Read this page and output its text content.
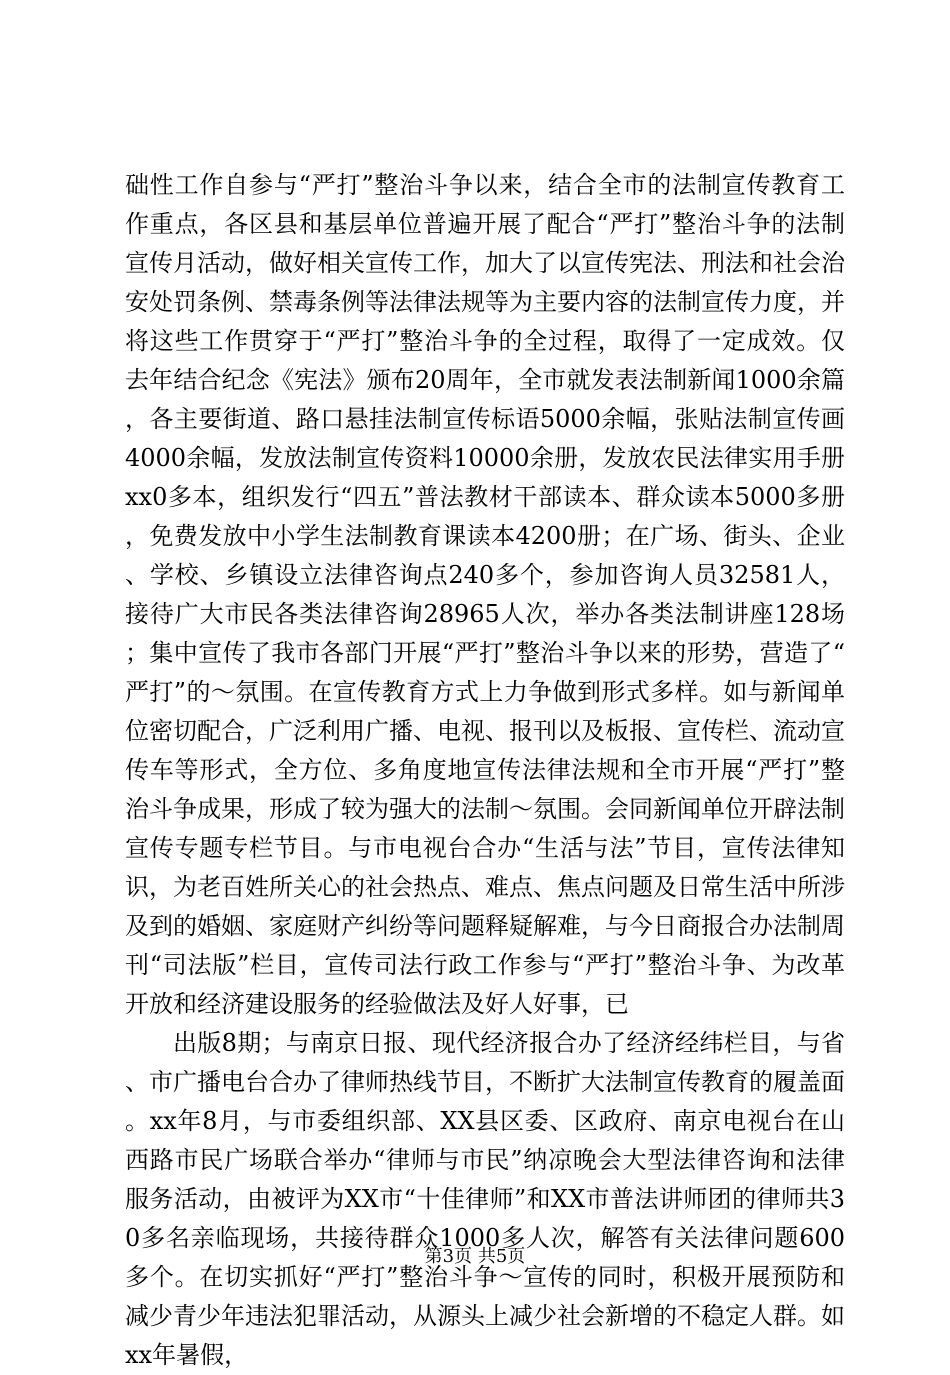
础性工作自参与“严打”整治斗争以来，结合全市的法制宣传教育工作重点，各区县和基层单位普遍开展了配合“严打”整治斗争的法制宣传月活动，做好相关宣传工作，加大了以宣传宪法、刑法和社会治安处罚条例、禁毒条例等法律法规等为主要内容的法制宣传力度，并将这些工作贯穿于“严打”整治斗争的全过程，取得了一定成效。仅去年结合纪念《宪法》颁布20周年，全市就发表法制新闻1000余篇，各主要街道、路口悬挂法制宣传标语5000余幅，张贴法制宣传画4000余幅，发放法制宣传资料10000余册，发放农民法律实用手册xx0多本，组织发行“四五”普法教材干部读本、群众读本5000多册，免费发放中小学生法制教育课读本4200册；在广场、街头、企业、学校、乡镇设立法律咨询点240多个，参加咨询人员32581人，接待广大市民各类法律咨询28965人次，举办各类法制讲座128场；集中宣传了我市各部门开展“严打”整治斗争以来的形势，营造了“严打”的～氛围。在宣传教育方式上力争做到形式多样。如与新闻单位密切配合，广泛利用广播、电视、报刊以及板报、宣传栏、流动宣传车等形式，全方位、多角度地宣传法律法规和全市开展“严打”整治斗争成果，形成了较为强大的法制～氛围。会同新闻单位开辟法制宣传专题专栏节目。与市电视台合办“生活与法”节目，宣传法律知识，为老百姓所关心的社会热点、难点、焦点问题及日常生活中所涉及到的婚姻、家庭财产纠纷等问题释疑解难，与今日商报合办法制周刊“司法版”栏目，宣传司法行政工作参与“严打”整治斗争、为改革开放和经济建设服务的经验做法及好人好事，已

出版8期；与南京日报、现代经济报合办了经济经纬栏目，与省、市广播电台合办了律师热线节目，不断扩大法制宣传教育的履盖面。xx年8月，与市委组织部、XX县区委、区政府、南京电视台在山西路市民广场联合举办“律师与市民”纳凉晚会大型法律咨询和法律服务活动，由被评为XX市“十佳律师”和XX市普法讲师团的律师共30多名亲临现场，共接待群众1000多人次，解答有关法律问题600多个。在切实抓好“严打”整治斗争～宣传的同时，积极开展预防和减少青少年违法犯罪活动，从源头上减少社会新增的不稳定人群。如xx年暑假，

第3页 共5页
